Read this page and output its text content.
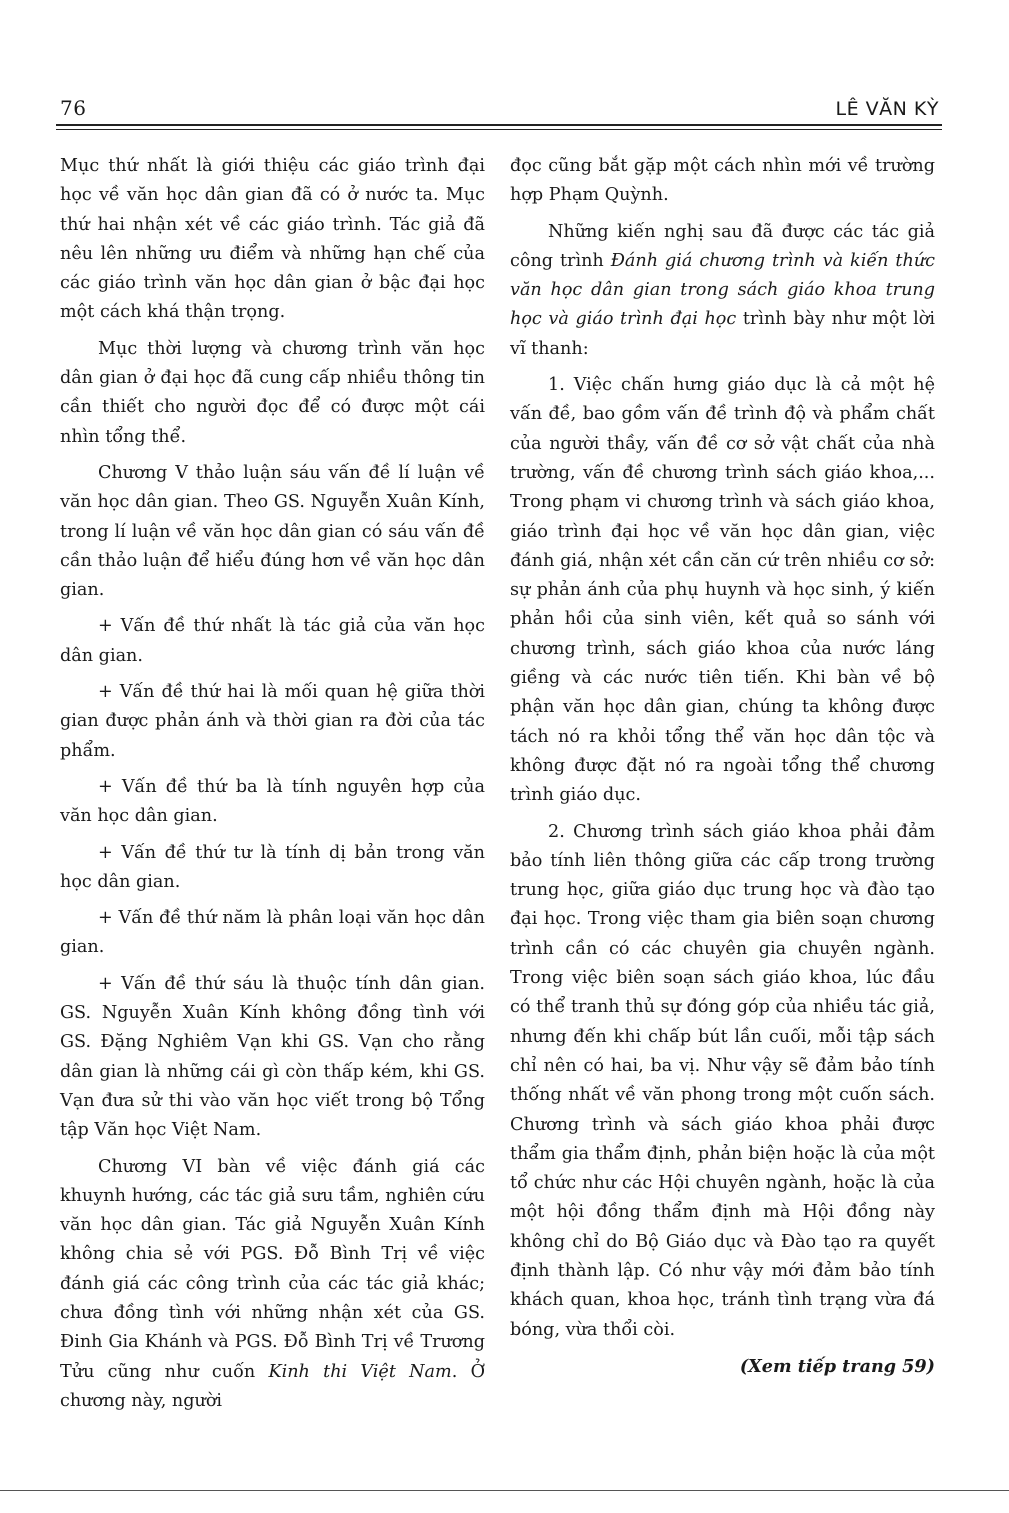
76	LÊ VĂN KỲ

Mục thứ nhất là giới thiệu các giáo trình đại học về văn học dân gian đã có ở nước ta. Mục thứ hai nhận xét về các giáo trình. Tác giả đã nêu lên những ưu điểm và những hạn chế của các giáo trình văn học dân gian ở bậc đại học một cách khá thận trọng.

Mục thời lượng và chương trình văn học dân gian ở đại học đã cung cấp nhiều thông tin cần thiết cho người đọc để có được một cái nhìn tổng thể.

Chương V thảo luận sáu vấn đề lí luận về văn học dân gian. Theo GS. Nguyễn Xuân Kính, trong lí luận về văn học dân gian có sáu vấn đề cần thảo luận để hiểu đúng hơn về văn học dân gian.

+ Vấn đề thứ nhất là tác giả của văn học dân gian.

+ Vấn đề thứ hai là mối quan hệ giữa thời gian được phản ánh và thời gian ra đời của tác phẩm.

+ Vấn đề thứ ba là tính nguyên hợp của văn học dân gian.

+ Vấn đề thứ tư là tính dị bản trong văn học dân gian.

+ Vấn đề thứ năm là phân loại văn học dân gian.

+ Vấn đề thứ sáu là thuộc tính dân gian. GS. Nguyễn Xuân Kính không đồng tình với GS. Đặng Nghiêm Vạn khi GS. Vạn cho rằng dân gian là những cái gì còn thấp kém, khi GS. Vạn đưa sử thi vào văn học viết trong bộ Tổng tập Văn học Việt Nam.

Chương VI bàn về việc đánh giá các khuynh hướng, các tác giả sưu tầm, nghiên cứu văn học dân gian. Tác giả Nguyễn Xuân Kính không chia sẻ với PGS. Đỗ Bình Trị về việc đánh giá các công trình của các tác giả khác; chưa đồng tình với những nhận xét của GS. Đinh Gia Khánh và PGS. Đỗ Bình Trị về Trương Tửu cũng như cuốn Kinh thi Việt Nam. Ở chương này, người

đọc cũng bắt gặp một cách nhìn mới về trường hợp Phạm Quỳnh.

Những kiến nghị sau đã được các tác giả công trình Đánh giá chương trình và kiến thức văn học dân gian trong sách giáo khoa trung học và giáo trình đại học trình bày như một lời vĩ thanh:

1. Việc chấn hưng giáo dục là cả một hệ vấn đề, bao gồm vấn đề trình độ và phẩm chất của người thầy, vấn đề cơ sở vật chất của nhà trường, vấn đề chương trình sách giáo khoa,... Trong phạm vi chương trình và sách giáo khoa, giáo trình đại học về văn học dân gian, việc đánh giá, nhận xét cần căn cứ trên nhiều cơ sở: sự phản ánh của phụ huynh và học sinh, ý kiến phản hồi của sinh viên, kết quả so sánh với chương trình, sách giáo khoa của nước láng giềng và các nước tiên tiến. Khi bàn về bộ phận văn học dân gian, chúng ta không được tách nó ra khỏi tổng thể văn học dân tộc và không được đặt nó ra ngoài tổng thể chương trình giáo dục.

2. Chương trình sách giáo khoa phải đảm bảo tính liên thông giữa các cấp trong trường trung học, giữa giáo dục trung học và đào tạo đại học. Trong việc tham gia biên soạn chương trình cần có các chuyên gia chuyên ngành. Trong việc biên soạn sách giáo khoa, lúc đầu có thể tranh thủ sự đóng góp của nhiều tác giả, nhưng đến khi chấp bút lần cuối, mỗi tập sách chỉ nên có hai, ba vị. Như vậy sẽ đảm bảo tính thống nhất về văn phong trong một cuốn sách. Chương trình và sách giáo khoa phải được thẩm gia thẩm định, phản biện hoặc là của một tổ chức như các Hội chuyên ngành, hoặc là của một hội đồng thẩm định mà Hội đồng này không chỉ do Bộ Giáo dục và Đào tạo ra quyết định thành lập. Có như vậy mới đảm bảo tính khách quan, khoa học, tránh tình trạng vừa đá bóng, vừa thổi còi.

(Xem tiếp trang 59)
